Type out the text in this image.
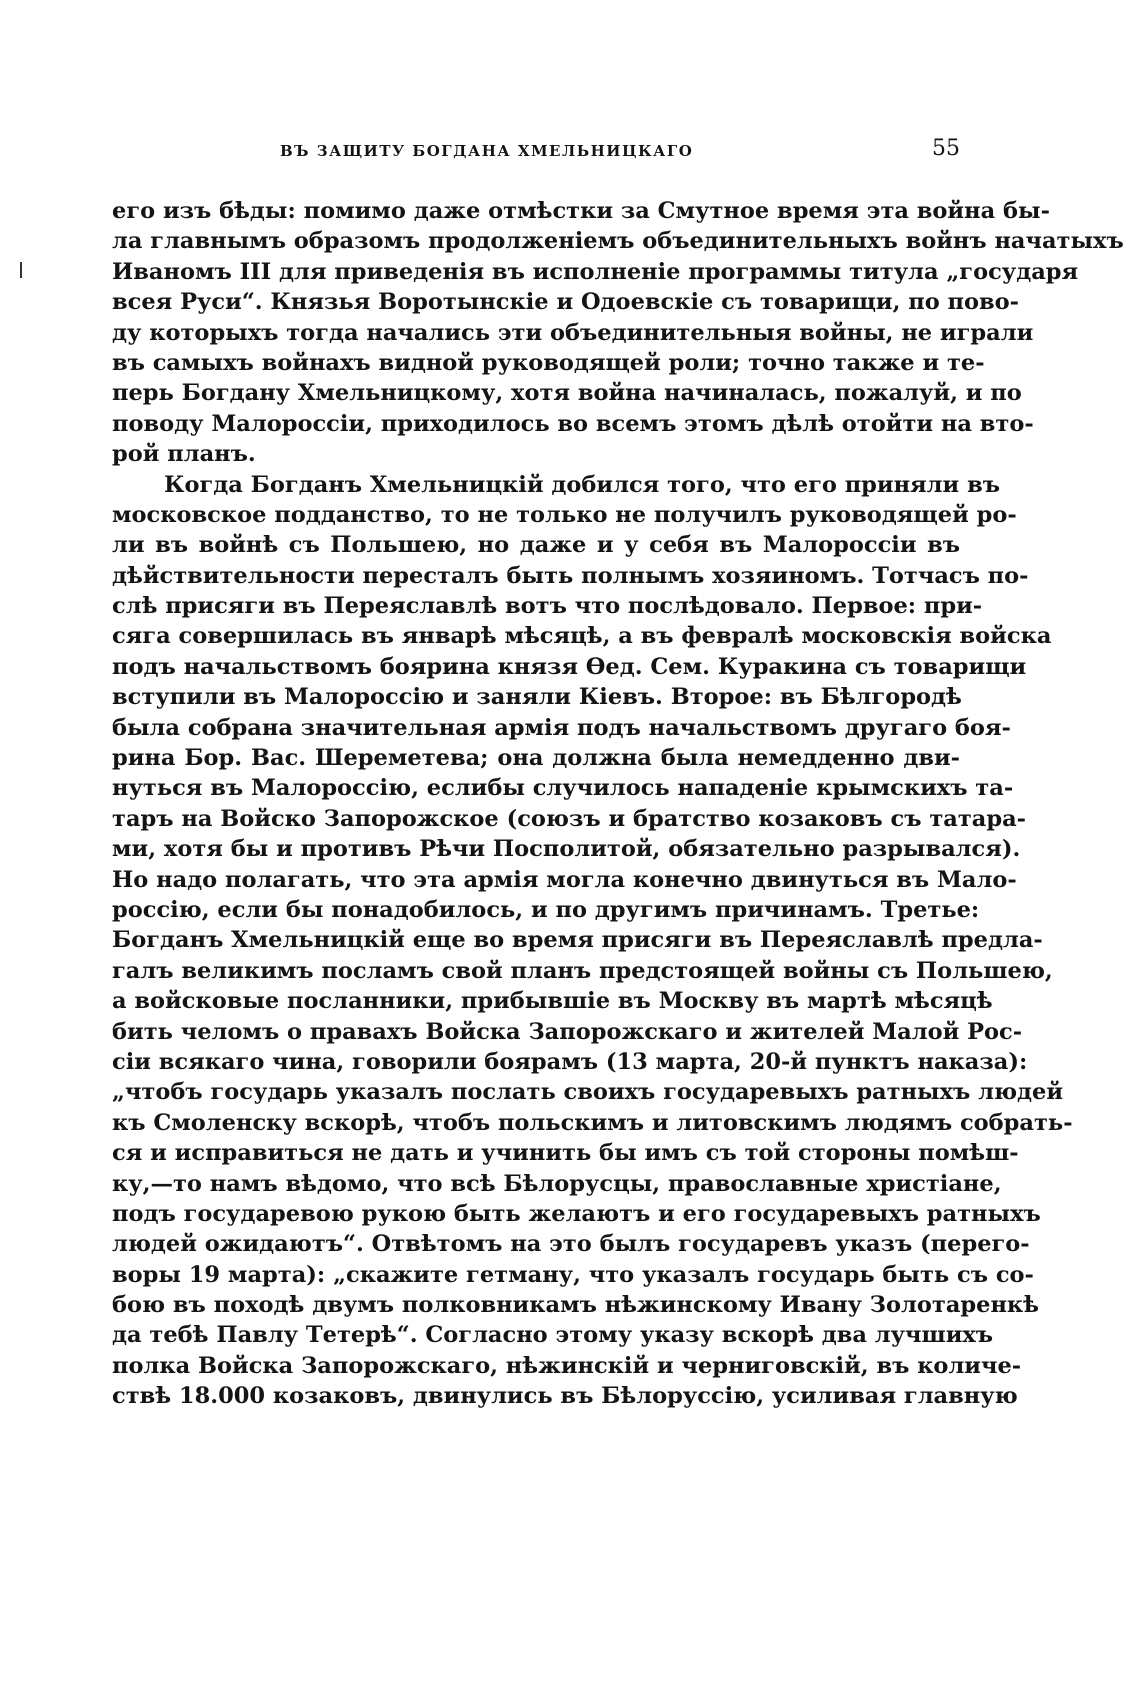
ВЪ ЗАЩИТУ БОГДАНА ХМЕЛЬНИЦКАГО	55
его изъ бѣды: помимо даже отмѣстки за Смутное время эта война бы-
ла главнымъ образомъ продолженіемъ объединительныхъ войнъ начатыхъ
Иваномъ III для приведенія въ исполненіе программы титула „государя
всея Руси“. Князья Воротынскіе и Одоевскіе съ товарищи, по пово-
ду которыхъ тогда начались эти объединительныя войны, не играли
въ самыхъ войнахъ видной руководящей роли; точно также и те-
перь Богдану Хмельницкому, хотя война начиналась, пожалуй, и по
поводу Малороссіи, приходилось во всемъ этомъ дѣлѣ отойти на вто-
рой планъ.
Когда Богданъ Хмельницкій добился того, что его приняли въ
московское подданство, то не только не получилъ руководящей ро-
ли въ войнѣ съ Польшею, но даже и у себя въ Малороссіи въ
дѣйствительности пересталъ быть полнымъ хозяиномъ. Тотчасъ по-
слѣ присяги въ Переяславлѣ вотъ что послѣдовало. Первое: при-
сяга совершилась въ январѣ мѣсяцѣ, а въ февралѣ московскія войска
подъ начальствомъ боярина князя Ѳед. Сем. Куракина съ товарищи
вступили въ Малороссію и заняли Кіевъ. Второе: въ Бѣлгородѣ
была собрана значительная армія подъ начальствомъ другаго боя-
рина Бор. Вас. Шереметева; она должна была немедденно дви-
нуться въ Малороссію, еслибы случилось нападеніе крымскихъ та-
таръ на Войско Запорожское (союзъ и братство козаковъ съ татара-
ми, хотя бы и противъ Рѣчи Посполитой, обязательно разрывался).
Но надо полагать, что эта армія могла конечно двинуться въ Мало-
россію, если бы понадобилось, и по другимъ причинамъ. Третье:
Богданъ Хмельницкій еще во время присяги въ Переяславлѣ предла-
галъ великимъ посламъ свой планъ предстоящей войны съ Польшею,
а войсковые посланники, прибывшіе въ Москву въ мартѣ мѣсяцѣ
бить челомъ о правахъ Войска Запорожскаго и жителей Малой Рос-
сіи всякаго чина, говорили боярамъ (13 марта, 20-й пунктъ наказа):
„чтобъ государь указалъ послать своихъ государевыхъ ратныхъ людей
къ Смоленску вскорѣ, чтобъ польскимъ и литовскимъ людямъ собрать-
ся и исправиться не дать и учинить бы имъ съ той стороны помѣш-
ку,—то намъ вѣдомо, что всѣ Бѣлорусцы, православные христіане,
подъ государевою рукою быть желаютъ и его государевыхъ ратныхъ
людей ожидаютъ“. Отвѣтомъ на это былъ государевъ указъ (перего-
воры 19 марта): „скажите гетману, что указалъ государь быть съ со-
бою въ походѣ двумъ полковникамъ нѣжинскому Ивану Золотаренкѣ
да тебѣ Павлу Тетерѣ“. Согласно этому указу вскорѣ два лучшихъ
полка Войска Запорожскаго, нѣжинскій и черниговскій, въ количе-
ствѣ 18.000 козаковъ, двинулись въ Бѣлоруссію, усиливая главную
